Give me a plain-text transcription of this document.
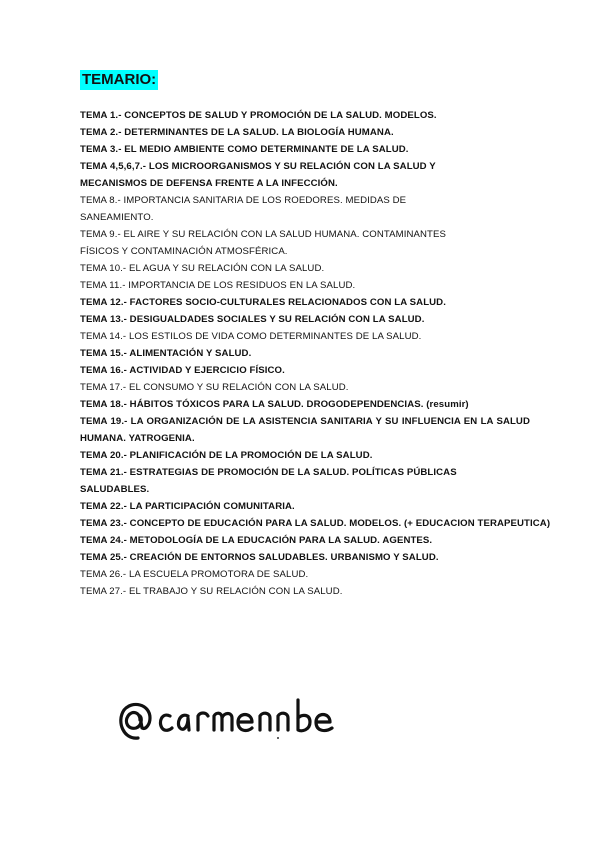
TEMARIO:
TEMA 1.- CONCEPTOS DE SALUD Y PROMOCIÓN DE LA SALUD. MODELOS.
TEMA 2.- DETERMINANTES DE LA SALUD. LA BIOLOGÍA HUMANA.
TEMA 3.- EL MEDIO AMBIENTE COMO DETERMINANTE DE LA SALUD.
TEMA 4,5,6,7.- LOS MICROORGANISMOS Y SU RELACIÓN CON LA SALUD Y
MECANISMOS DE DEFENSA FRENTE A LA INFECCIÓN.
TEMA 8.- IMPORTANCIA SANITARIA DE LOS ROEDORES. MEDIDAS DE
SANEAMIENTO.
TEMA 9.- EL AIRE Y SU RELACIÓN CON LA SALUD HUMANA. CONTAMINANTES
FÍSICOS Y CONTAMINACIÓN ATMOSFÉRICA.
TEMA 10.- EL AGUA Y SU RELACIÓN CON LA SALUD.
TEMA 11.- IMPORTANCIA DE LOS RESIDUOS EN LA SALUD.
TEMA 12.- FACTORES SOCIO-CULTURALES RELACIONADOS CON LA SALUD.
TEMA 13.- DESIGUALDADES SOCIALES Y SU RELACIÓN CON LA SALUD.
TEMA 14.- LOS ESTILOS DE VIDA COMO DETERMINANTES DE LA SALUD.
TEMA 15.- ALIMENTACIÓN Y SALUD.
TEMA 16.- ACTIVIDAD Y EJERCICIO FÍSICO.
TEMA 17.- EL CONSUMO Y SU RELACIÓN CON LA SALUD.
TEMA 18.- HÁBITOS TÓXICOS PARA LA SALUD. DROGODEPENDENCIAS. (resumir)
TEMA 19.- LA ORGANIZACIÓN DE LA ASISTENCIA SANITARIA Y SU INFLUENCIA EN LA SALUD HUMANA. YATROGENIA.
TEMA 20.- PLANIFICACIÓN DE LA PROMOCIÓN DE LA SALUD.
TEMA 21.- ESTRATEGIAS DE PROMOCIÓN DE LA SALUD. POLÍTICAS PÚBLICAS
SALUDABLES.
TEMA 22.- LA PARTICIPACIÓN COMUNITARIA.
TEMA 23.- CONCEPTO DE EDUCACIÓN PARA LA SALUD. MODELOS. (+ EDUCACION TERAPEUTICA)
TEMA 24.- METODOLOGÍA DE LA EDUCACIÓN PARA LA SALUD. AGENTES.
TEMA 25.- CREACIÓN DE ENTORNOS SALUDABLES. URBANISMO Y SALUD.
TEMA 26.- LA ESCUELA PROMOTORA DE SALUD.
TEMA 27.- EL TRABAJO Y SU RELACIÓN CON LA SALUD.
